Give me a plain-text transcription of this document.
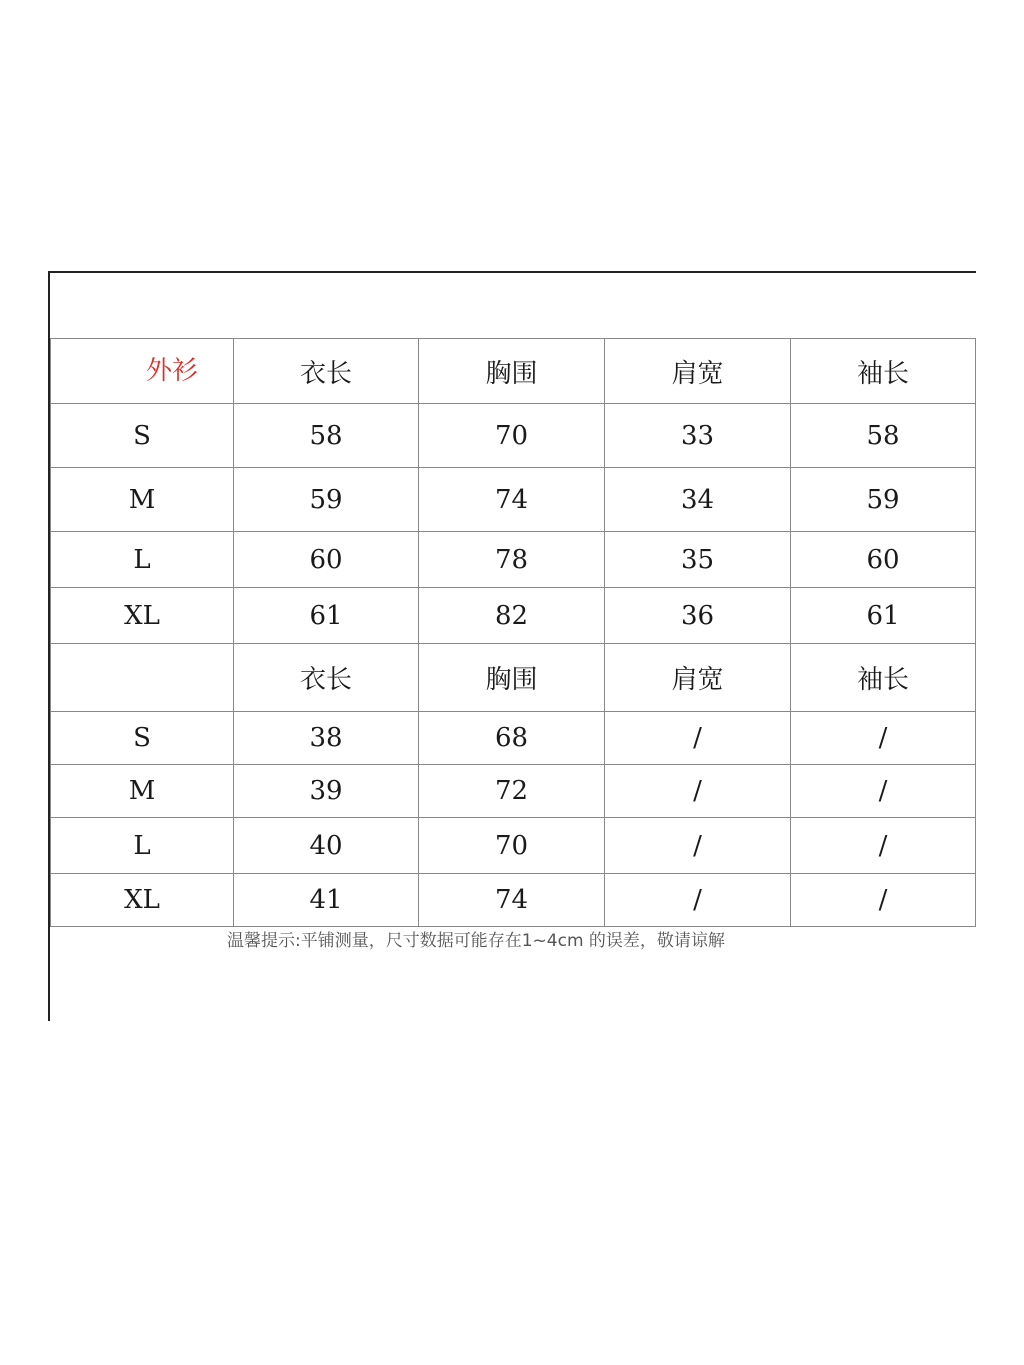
外衫	衣长	胸围	肩宽	袖长
S	58	70	33	58
M	59	74	34	59
L	60	78	35	60
XL	61	82	36	61
	衣长	胸围	肩宽	袖长
S	38	68	/	/
M	39	72	/	/
L	40	70	/	/
XL	41	74	/	/
温馨提示:平铺测量，尺寸数据可能存在1~4cm 的误差，敬请谅解
